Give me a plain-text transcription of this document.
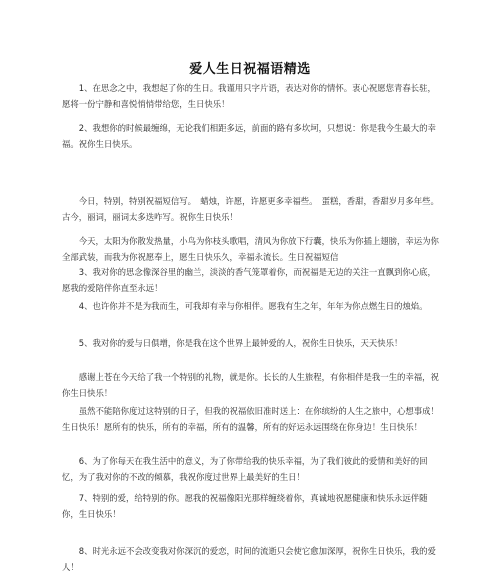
爱人生日祝福语精选

1、在思念之中，我想起了你的生日。我谨用只字片语，表达对你的情怀。衷心祝愿您青春长驻，愿将一份宁静和喜悦悄悄带给您，生日快乐！

2、我想你的时候最缠绵，无论我们相距多远，前面的路有多坎坷，只想说：你是我今生最大的幸福。祝你生日快乐。

今日，特别，特别祝福短信写。　蜡烛，许愿，许愿更多幸福些。　蛋糕，香甜，香甜岁月多年些。　古今，丽词，丽词太多迭咋写。祝你生日快乐！

今天，太阳为你散发热量，小鸟为你枝头歌唱，清风为你放下行囊，快乐为你插上翅膀，幸运为你全部武装，而我为你祝愿奉上，愿生日快乐久，幸福永流长。生日祝福短信

3、我对你的思念像深谷里的幽兰，淡淡的香气笼罩着你，而祝福是无边的关注一直飘到你心底，愿我的爱陪伴你直至永远！

4、也许你并不是为我而生，可我却有幸与你相伴。愿我有生之年，年年为你点燃生日的烛焰。

5、我对你的爱与日俱增，你是我在这个世界上最钟爱的人，祝你生日快乐，天天快乐！

感谢上苍在今天给了我一个特别的礼物，就是你。长长的人生旅程，有你相伴是我一生的幸福，祝你生日快乐！

虽然不能陪你度过这特别的日子，但我的祝福依旧准时送上：在你缤纷的人生之旅中，心想事成！生日快乐！愿所有的快乐，所有的幸福，所有的温馨，所有的好运永远围绕在你身边！生日快乐！

6、为了你每天在我生活中的意义，为了你带给我的快乐幸福，为了我们彼此的爱情和美好的回忆，为了我对你的不改的倾慕，我祝你度过世界上最美好的生日！

7、特别的爱，给特别的你。愿我的祝福像阳光那样缠绕着你，真诚地祝愿健康和快乐永远伴随你，生日快乐！

8、时光永远不会改变我对你深沉的爱恋，时间的流逝只会使它愈加深厚，祝你生日快乐，我的爱人！
